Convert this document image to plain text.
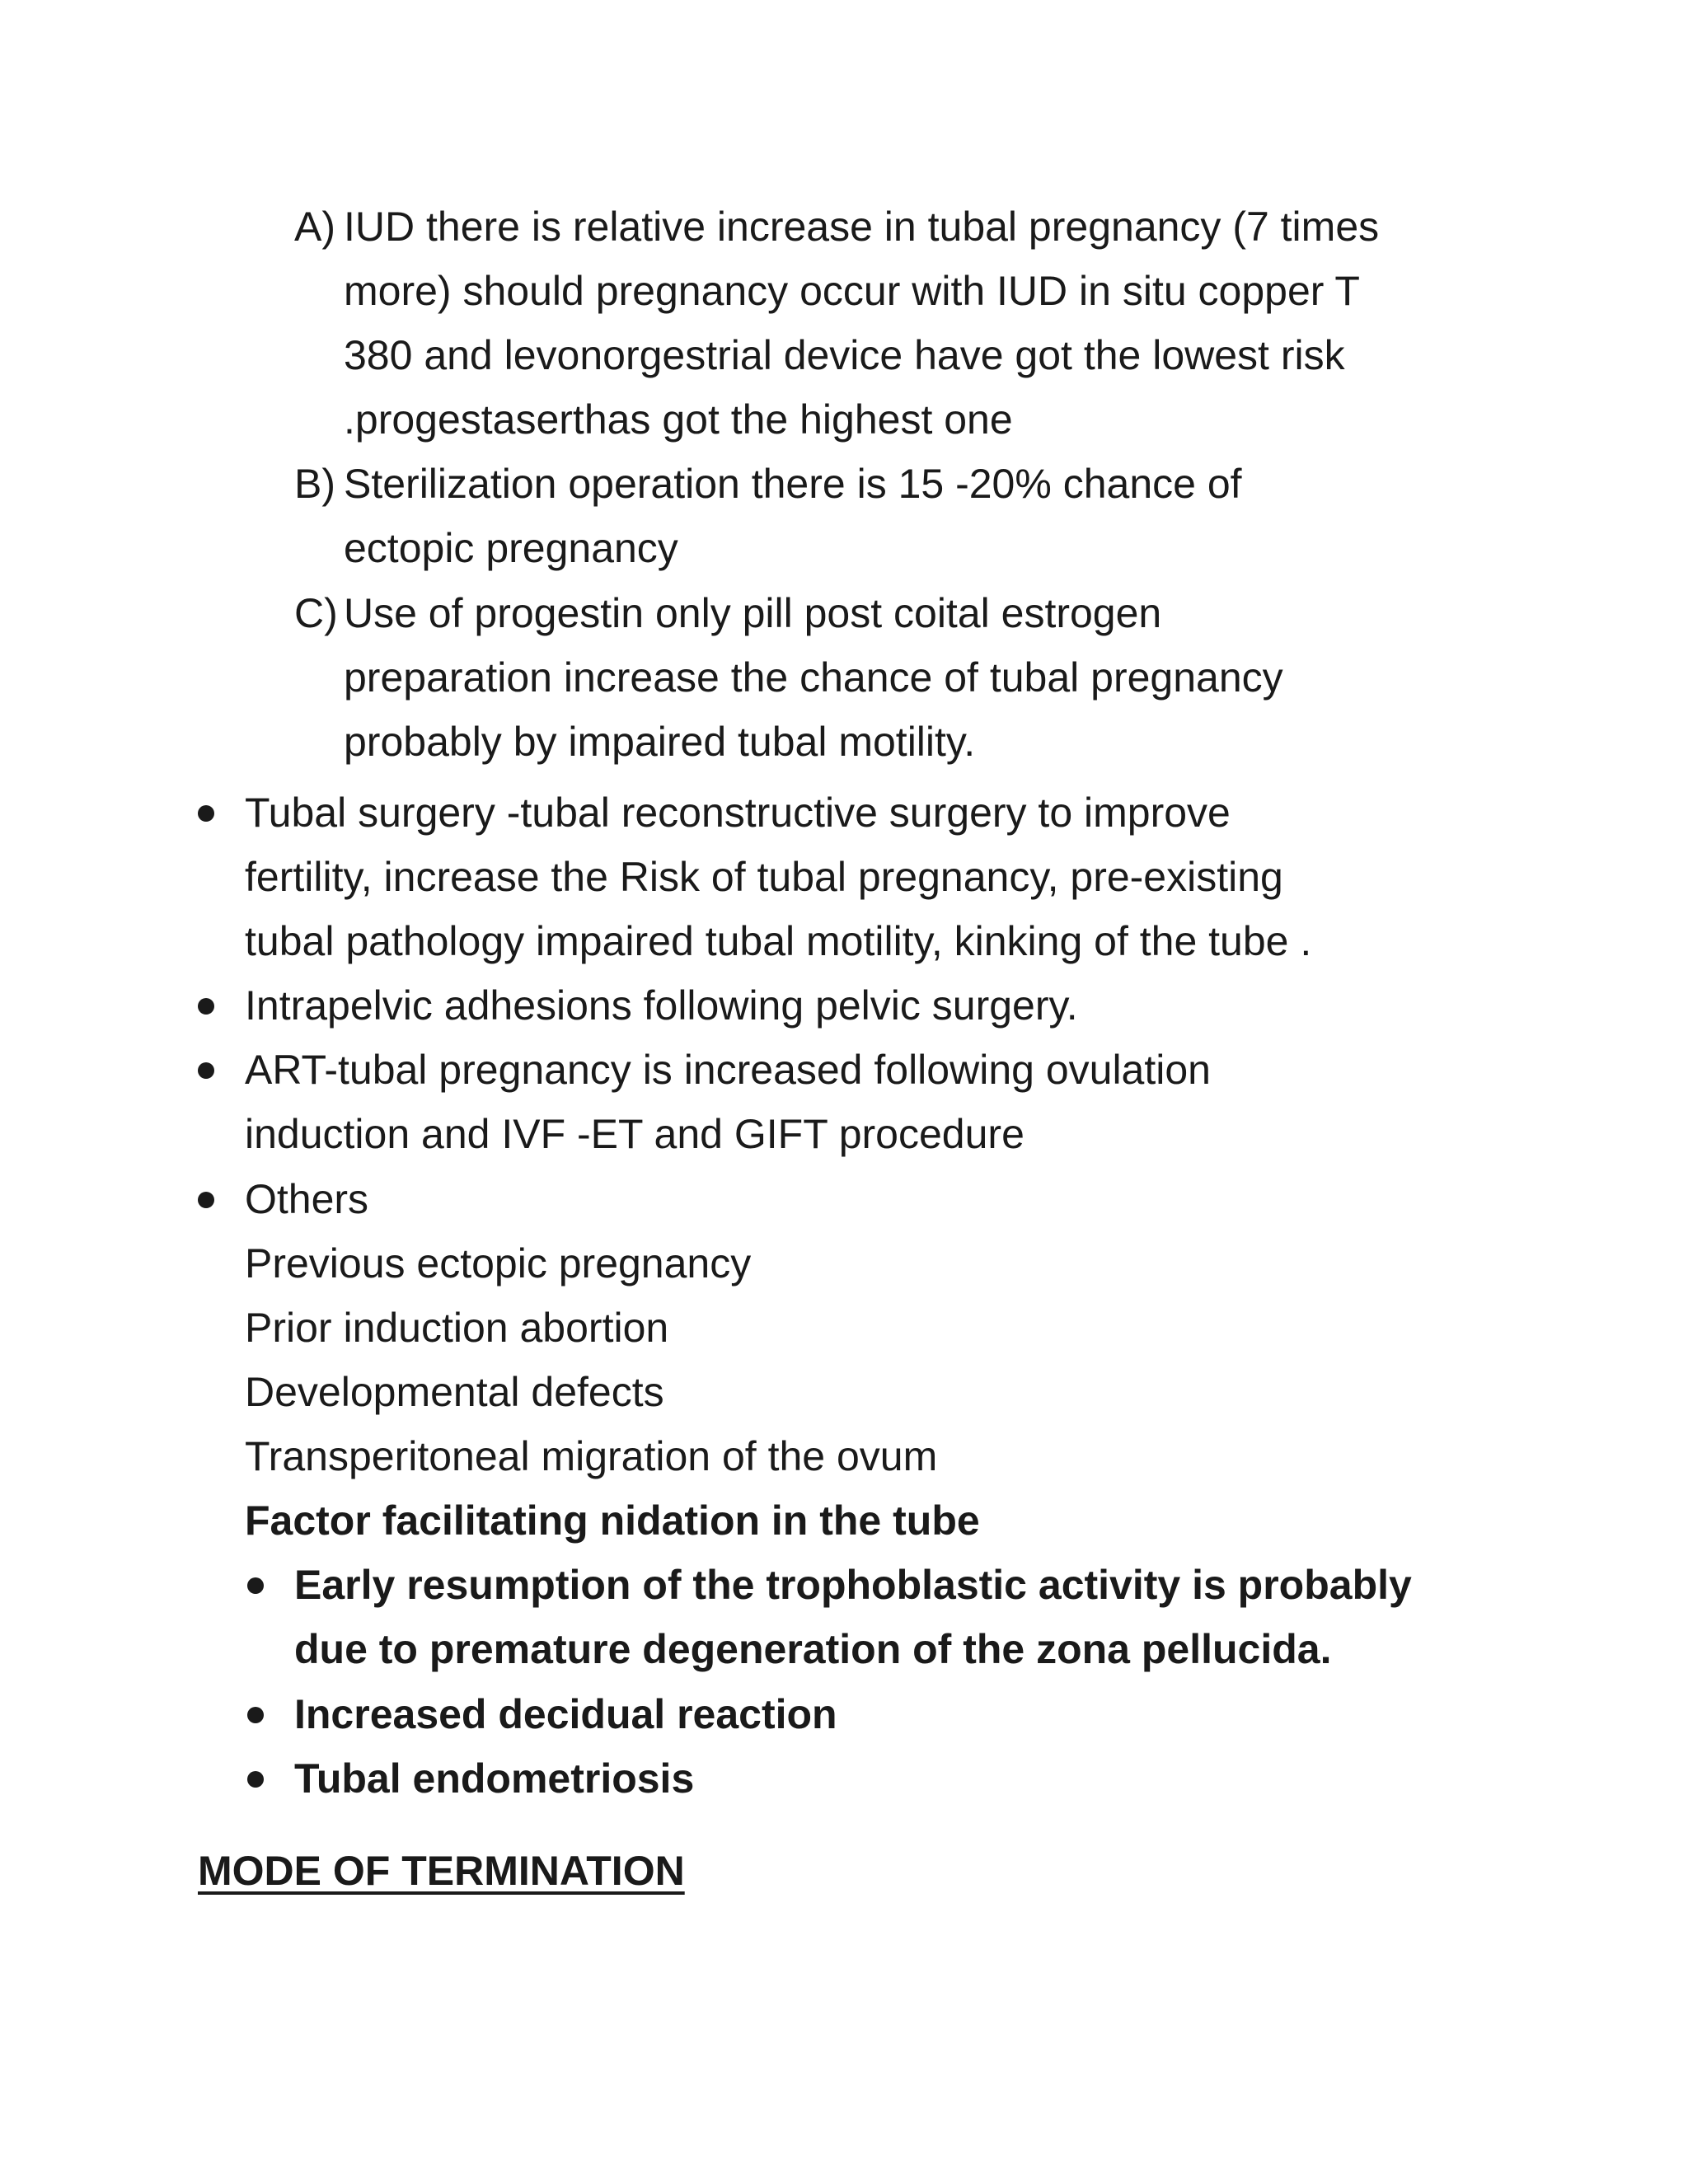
A) IUD there is relative increase in tubal pregnancy (7 times
more) should pregnancy occur with IUD in situ copper T
380 and levonorgestrial device have got the lowest risk
.progestaserthas got the highest one
B) Sterilization operation there is 15 -20% chance of
ectopic pregnancy
C) Use of progestin only pill post coital estrogen
preparation increase the chance of tubal pregnancy
probably by impaired tubal motility.
Tubal surgery -tubal reconstructive surgery to improve
fertility, increase the Risk of tubal pregnancy, pre-existing
tubal pathology impaired tubal motility, kinking of the tube .
Intrapelvic adhesions following pelvic surgery.
ART-tubal pregnancy is increased following ovulation
induction and IVF -ET and GIFT procedure
Others
Previous ectopic pregnancy
Prior induction abortion
Developmental defects
Transperitoneal migration of the ovum
Factor facilitating nidation in the tube
Early resumption of the trophoblastic activity is probably
due to premature degeneration of the zona pellucida.
Increased decidual reaction
Tubal endometriosis
MODE OF TERMINATION
